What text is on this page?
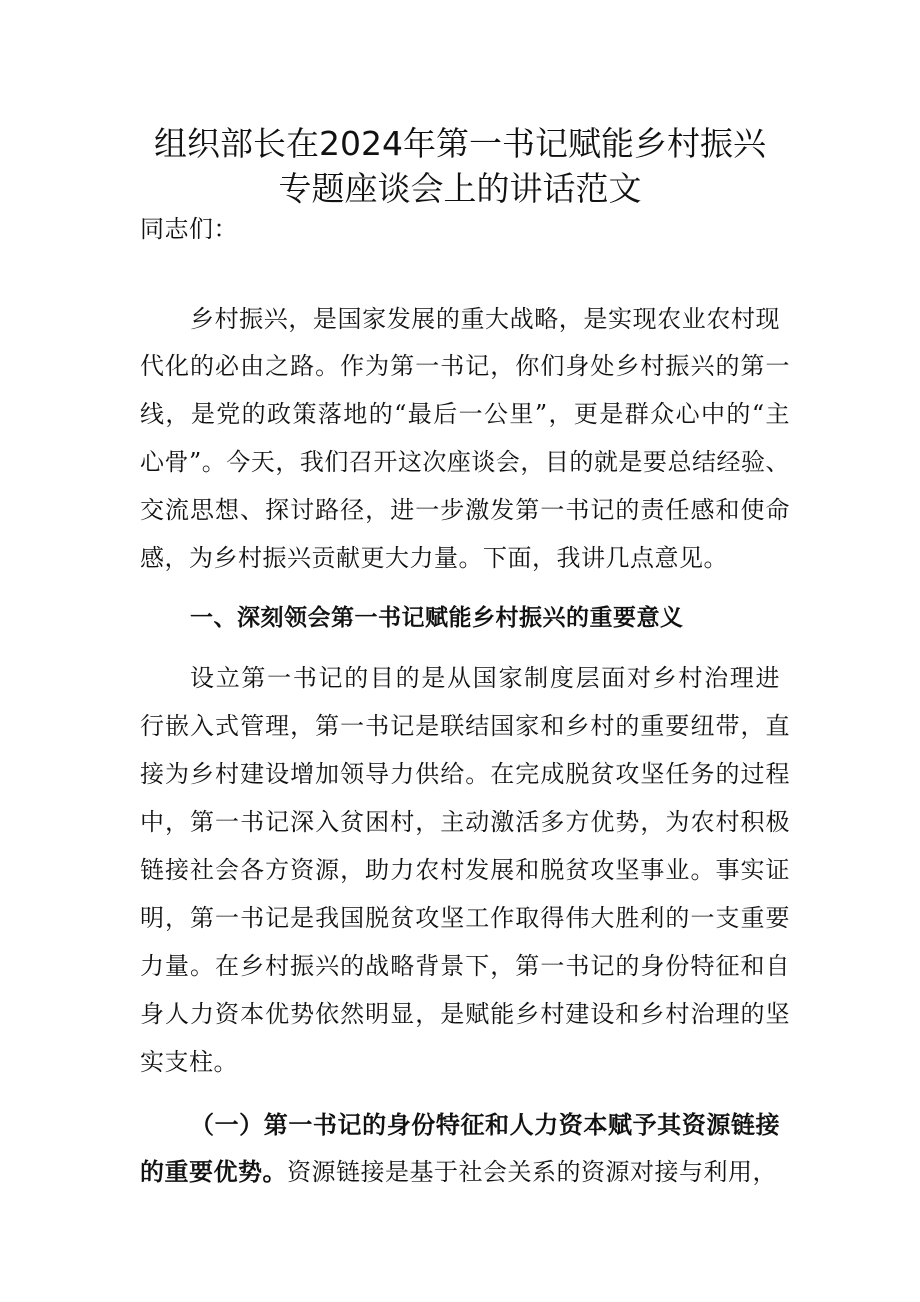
组织部长在2024年第一书记赋能乡村振兴
专题座谈会上的讲话范文
同志们：
乡村振兴，是国家发展的重大战略，是实现农业农村现
代化的必由之路。作为第一书记，你们身处乡村振兴的第一
线，是党的政策落地的“最后一公里”，更是群众心中的“主
心骨”。今天，我们召开这次座谈会，目的就是要总结经验、
交流思想、探讨路径，进一步激发第一书记的责任感和使命
感，为乡村振兴贡献更大力量。下面，我讲几点意见。
一、深刻领会第一书记赋能乡村振兴的重要意义
设立第一书记的目的是从国家制度层面对乡村治理进
行嵌入式管理，第一书记是联结国家和乡村的重要纽带，直
接为乡村建设增加领导力供给。在完成脱贫攻坚任务的过程
中，第一书记深入贫困村，主动激活多方优势，为农村积极
链接社会各方资源，助力农村发展和脱贫攻坚事业。事实证
明，第一书记是我国脱贫攻坚工作取得伟大胜利的一支重要
力量。在乡村振兴的战略背景下，第一书记的身份特征和自
身人力资本优势依然明显，是赋能乡村建设和乡村治理的坚
实支柱。
（一）第一书记的身份特征和人力资本赋予其资源链接
的重要优势。资源链接是基于社会关系的资源对接与利用，
